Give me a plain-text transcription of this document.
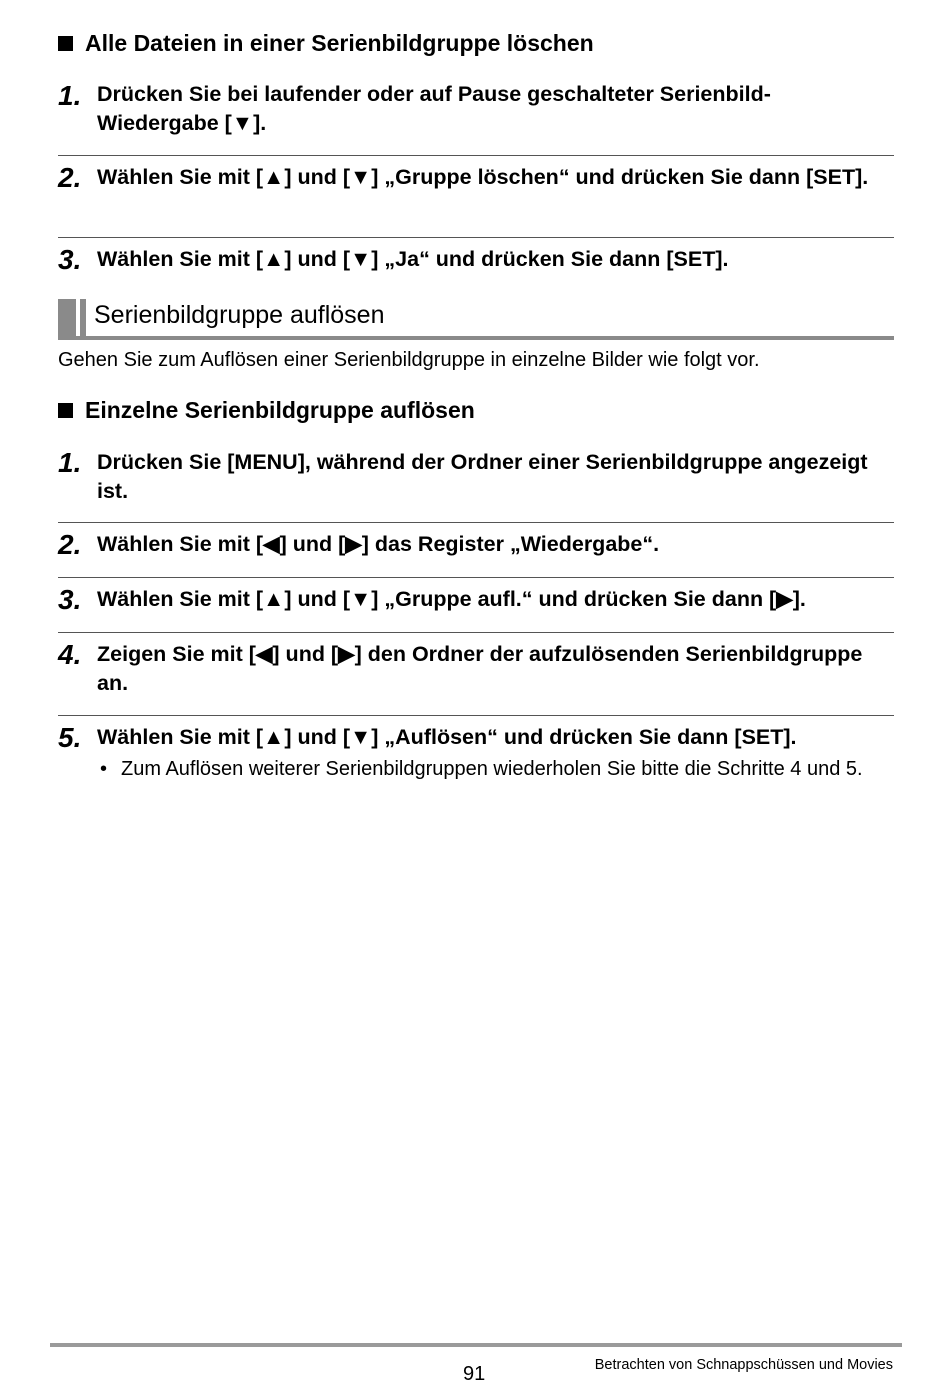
Alle Dateien in einer Serienbildgruppe löschen
1. Drücken Sie bei laufender oder auf Pause geschalteter Serienbild-Wiedergabe [▼].
2. Wählen Sie mit [▲] und [▼] „Gruppe löschen“ und drücken Sie dann [SET].
3. Wählen Sie mit [▲] und [▼] „Ja“ und drücken Sie dann [SET].
Serienbildgruppe auflösen
Gehen Sie zum Auflösen einer Serienbildgruppe in einzelne Bilder wie folgt vor.
Einzelne Serienbildgruppe auflösen
1. Drücken Sie [MENU], während der Ordner einer Serienbildgruppe angezeigt ist.
2. Wählen Sie mit [◀] und [▶] das Register „Wiedergabe“.
3. Wählen Sie mit [▲] und [▼] „Gruppe aufl.“ und drücken Sie dann [▶].
4. Zeigen Sie mit [◀] und [▶] den Ordner der aufzulösenden Serienbildgruppe an.
5. Wählen Sie mit [▲] und [▼] „Auflösen“ und drücken Sie dann [SET].
• Zum Auflösen weiterer Serienbildgruppen wiederholen Sie bitte die Schritte 4 und 5.
91	Betrachten von Schnappschüssen und Movies
